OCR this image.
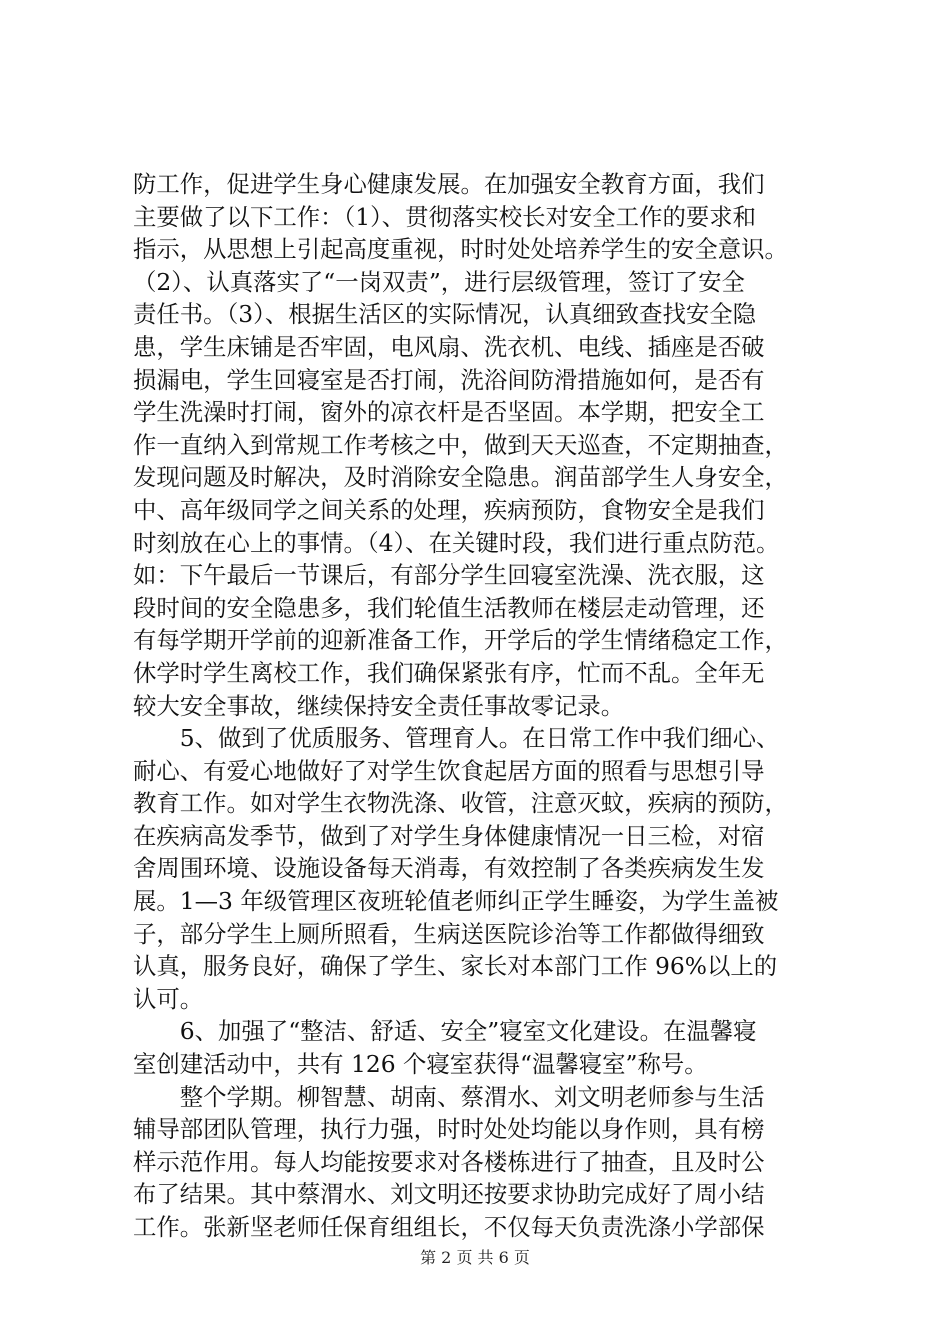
防工作，促进学生身心健康发展。在加强安全教育方面，我们
主要做了以下工作：（1）、贯彻落实校长对安全工作的要求和
指示，从思想上引起高度重视，时时处处培养学生的安全意识。
（2）、认真落实了“一岗双责”，进行层级管理，签订了安全
责任书。（3）、根据生活区的实际情况，认真细致查找安全隐
患，学生床铺是否牢固，电风扇、洗衣机、电线、插座是否破
损漏电，学生回寝室是否打闹，洗浴间防滑措施如何，是否有
学生洗澡时打闹，窗外的凉衣杆是否坚固。本学期，把安全工
作一直纳入到常规工作考核之中，做到天天巡查，不定期抽查，
发现问题及时解决，及时消除安全隐患。润苗部学生人身安全，
中、高年级同学之间关系的处理，疾病预防，食物安全是我们
时刻放在心上的事情。（4）、在关键时段，我们进行重点防范。
如：下午最后一节课后，有部分学生回寝室洗澡、洗衣服，这
段时间的安全隐患多，我们轮值生活教师在楼层走动管理，还
有每学期开学前的迎新准备工作，开学后的学生情绪稳定工作，
休学时学生离校工作，我们确保紧张有序，忙而不乱。全年无
较大安全事故，继续保持安全责任事故零记录。
　　5、做到了优质服务、管理育人。在日常工作中我们细心、
耐心、有爱心地做好了对学生饮食起居方面的照看与思想引导
教育工作。如对学生衣物洗涤、收管，注意灭蚊，疾病的预防，
在疾病高发季节，做到了对学生身体健康情况一日三检，对宿
舍周围环境、设施设备每天消毒，有效控制了各类疾病发生发
展。1—3 年级管理区夜班轮值老师纠正学生睡姿，为学生盖被
子，部分学生上厕所照看，生病送医院诊治等工作都做得细致
认真，服务良好，确保了学生、家长对本部门工作 96%以上的
认可。
　　6、加强了“整洁、舒适、安全”寝室文化建设。在温馨寝
室创建活动中，共有 126 个寝室获得“温馨寝室”称号。
　　整个学期。柳智慧、胡南、蔡渭水、刘文明老师参与生活
辅导部团队管理，执行力强，时时处处均能以身作则，具有榜
样示范作用。每人均能按要求对各楼栋进行了抽查，且及时公
布了结果。其中蔡渭水、刘文明还按要求协助完成好了周小结
工作。张新坚老师任保育组组长，不仅每天负责洗涤小学部保
第 2 页 共 6 页
